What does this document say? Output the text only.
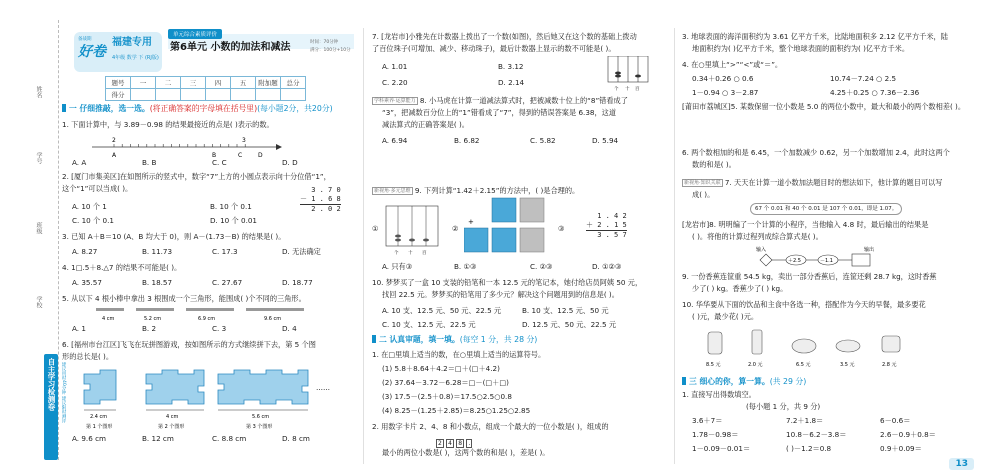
姓名
学号
班级
学校
自主学习检测卷 建议用时40分钟 建议限时测评
备战期
好卷
福建专用
4年级 数学 下 (RJ版)
单元综合素质评价
第6单元 小数的加法和减法	时间：70分钟
满分：100分+10分
题号	一	二	三	四	五	附加题	总分
得分							
一 仔细推敲，选一选。(将正确答案的字母填在括号里)(每小题2分，共20分)
1. 下面计算中，与 3.89－0.98 的结果最接近的点是( )表示的数。
2	3
A	B	C	D
A. A	B. B	C. C	D. D
2. [厦门市集美区]在如图所示的竖式中，数字“7”上方的小圆点表示向十分位借“1”，
这个“1”可以当成( )。	3 . 7 0
－ 1 . 6 8
2 . 0 2
A. 10 个 1	B. 10 个 0.1
C. 10 个 0.1	D. 10 个 0.01
3. 已知 A＋B＝10 (A、B 均大于 0)，则 A－(1.73－B) 的结果是( )。
A. 8.27	B. 11.73	C. 17.3	D. 无法确定
4. 1□.5＋8.△7 的结果不可能是( )。
A. 35.57	B. 18.57	C. 27.67	D. 18.77
5. 从以下 4 根小棒中拿出 3 根围成一个三角形，能围成( )个不同的三角形。
4 cm	5.2 cm	6.9 cm	9.6 cm
A. 1	B. 2	C. 3	D. 4
6. [福州市台江区]飞飞在玩拼图游戏，按如图所示的方式继续拼下去，第 5 个图
形的总长是( )。
2.4 cm	4 cm	5.6 cm
第 1 个图形	第 2 个图形	第 3 个图形
……
A. 9.6 cm	B. 12 cm	C. 8.8 cm	D. 8 cm
7. [龙岩市]小雅先在计数器上拨出了一个数(如图)，然后她又在这个数的基础上拨动
了百位珠子(可增加、减少、移动珠子)，最后计数器上显示的数不可能是( )。
个 十 百
A. 1.01	B. 3.12
C. 2.20	D. 2.14
学科素养·运算能力 8. 小马虎在计算一道减法算式时，把被减数十位上的“8”错看成了
“3”，把减数百分位上的“1”错看成了“7”，得到的错误答案是 6.38，这道
减法算式的正确答案是( )。
A. 6.94	B. 6.82	C. 5.82	D. 5.94
新视角·多元思维 9. 下列计算“1.42＋2.15”的方法中，( )是合理的。
①
个 十 百
②
+
③
1 . 4 2
＋ 2 . 1 5
3 . 5 7
A. 只有③	B. ①③	C. ②③	D. ①②③
10. 梦梦买了一盒 10 支装的铅笔和一本 12.5 元的笔记本，她付给店员阿姨 50 元，
找回 22.5 元。梦梦买的铅笔用了多少元？解决这个问题用到的信息是( )。
A. 10 支、12.5 元、50 元、22.5 元	B. 10 支、12.5 元、50 元
C. 10 支、12.5 元、22.5 元	D. 12.5 元、50 元、22.5 元
二 认真审题，填一填。(每空 1 分，共 28 分)
1. 在□里填上适当的数，在○里填上适当的运算符号。
(1) 5.8＋8.64＋4.2＝□＋(□＋4.2)
(2) 37.64－3.72－6.28＝□－(□＋□)
(3) 17.5－(2.5＋0.8)＝17.5○2.5○0.8
(4) 8.25－(1.25＋2.85)＝8.25○1.25○2.85
2. 用数字卡片 2、4、8 和小数点，组成一个最大的一位小数是( )，组成的
2 4 8 .
最小的两位小数是( )，这两个数的和是( )，差是( )。
3. 地球表面的海洋面积约为 3.61 亿平方千米，比陆地面积多 2.12 亿平方千米，陆
地面积约为( )亿平方千米，整个地球表面的面积约为( )亿平方千米。
4. 在○里填上“>”“<”或“＝”。
0.34＋0.26 ○ 0.6	10.74－7.24 ○ 2.5
1－0.94 ○ 3－2.87	4.25＋0.25 ○ 7.36－2.36
[莆田市荔城区]5. 某数保留一位小数是 5.0 的两位小数中，最大和最小的两个数相差( )。
6. 两个数相加的和是 6.45，一个加数减少 0.62，另一个加数增加 2.4，此时这两个
数的和是( )。
新视角·知识关联 7. 天天在计算一道小数加法题目时的想法如下，他计算的题目可以写
成( )。
67 个 0.01 和 40 个 0.01 是 107 个 0.01，即是 1.07。
[龙岩市]8. 明明编了一个计算的小程序，当他输入 4.8 时，最后输出的结果是
( )。将他的计算过程列成综合算式是( )。
输入
＋2.5	－1.1
输出
9. 一份香蕉连筐重 54.5 kg，卖出一部分香蕉后，连筐还剩 28.7 kg，这时香蕉
少了( ) kg。香蕉少了( ) kg。
10. 华华要从下面的饮品和主食中各选一种，搭配作为今天的早餐，最多要花
( )元，最少花( )元。
8.5 元	2.0 元	6.5 元	3.5 元	2.8 元
三 细心的你，算一算。(共 29 分)
1. 直接写出得数填空。
(每小题 1 分，共 9 分)
3.6＋7＝	7.2＋1.8＝	6－0.6＝
1.78－0.98＝	10.8－6.2－3.8＝	2.6－0.9＋0.8＝
1－0.09－0.01＝	( )－1.2＝0.8	0.9＋0.09＝
13
